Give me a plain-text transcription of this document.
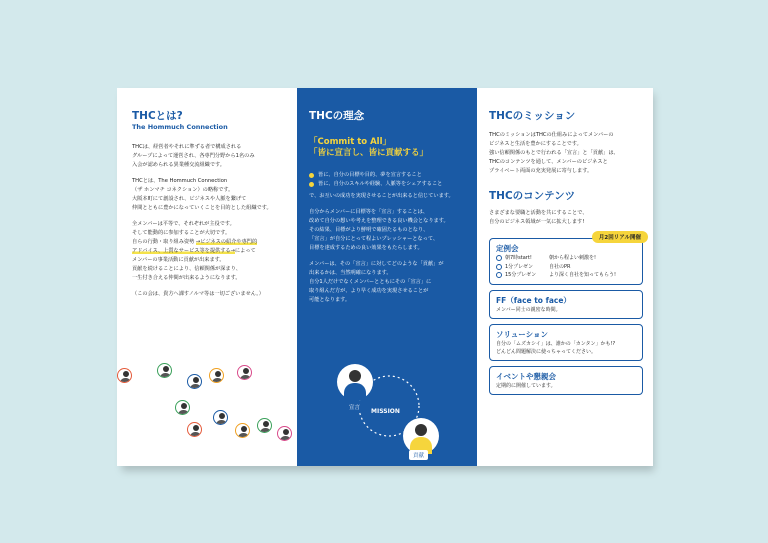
THCとは?
The Hommuch Connection

THCは、経営者やそれに準ずる者で構成される

グループによって運営され、各専門分野から1名のみ

入会が認められる異業種交流組織です。

THCとは、The Hommuch Connection

（ザ ホンマチ コネクション）の略称です。

大阪本町にて創設され、ビジネスや人脈を繋げて

仲間とともに豊かになっていくことを目的とした組織です。

全メンバーは平等で、それぞれが主役です。

そして能動的に参加することが大切です。

自らの行動・取り組み姿勢 →ビジネスの紹介や専門的

アドバイス、上質なサービス等を提供する→によって

メンバーの事業活動に貢献が出来ます。

貢献を続けることにより、信頼関係が深まり、

一生付き合える仲間が出来るようになります。

（この会は、貴方へ課すノルマ等は一切ございません。）

THCの理念
「Commit to All」
「皆に宣言し、皆に貢献する」
皆に、自分の目標や目的、夢を宣言すること
皆に、自分のスキルや経験、人脈等をシェアすること

で、お互いの成功を実現させることが出来ると信じています。

自分からメンバーに目標等を「宣言」することは、

改めて自分の想いや考えを整理できる良い機会となります。

その結果、目標がより鮮明で確固たるものとなり、

「宣言」が自分にとって程よいプレッシャーとなって、

目標を達成するための良い効果をもたらします。

メンバーは、その「宣言」に対してどのような「貢献」が

出来るかは、当然明確になります。

自分1人だけでなくメンバーとともにその「宣言」に

取り組んだ方が、より早く成功を実現させることが

可能となります。

宣言	MISSION
貢献
THCのミッション

THCのミッションはTHCの仕組みによってメンバーの

ビジネスと生活を豊かにすることです。

強い信頼関係のもとで行われる「宣言」と「貢献」は、

THCのコンテンツを通して、メンバーのビジネスと

プライベート両面の充実発展に寄与します。

THCのコンテンツ

さまざまな要職と活動を共にすることで、

自分のビジネス領域が一気に拡大します!

月2回リアル開催
定例会
朝7時start!	朝から程よい刺激を!
1分プレゼン	自社のPR
15分プレゼン	より深く自社を知ってもらう!
FF（face to face）
メンバー同士の親密な時間。
ソリューション
自分の「ムズカシイ」は、誰かの「カンタン」かも!?
どんどん問題解決に使っちゃってください。
イベントや懇親会
定期的に開催しています。
